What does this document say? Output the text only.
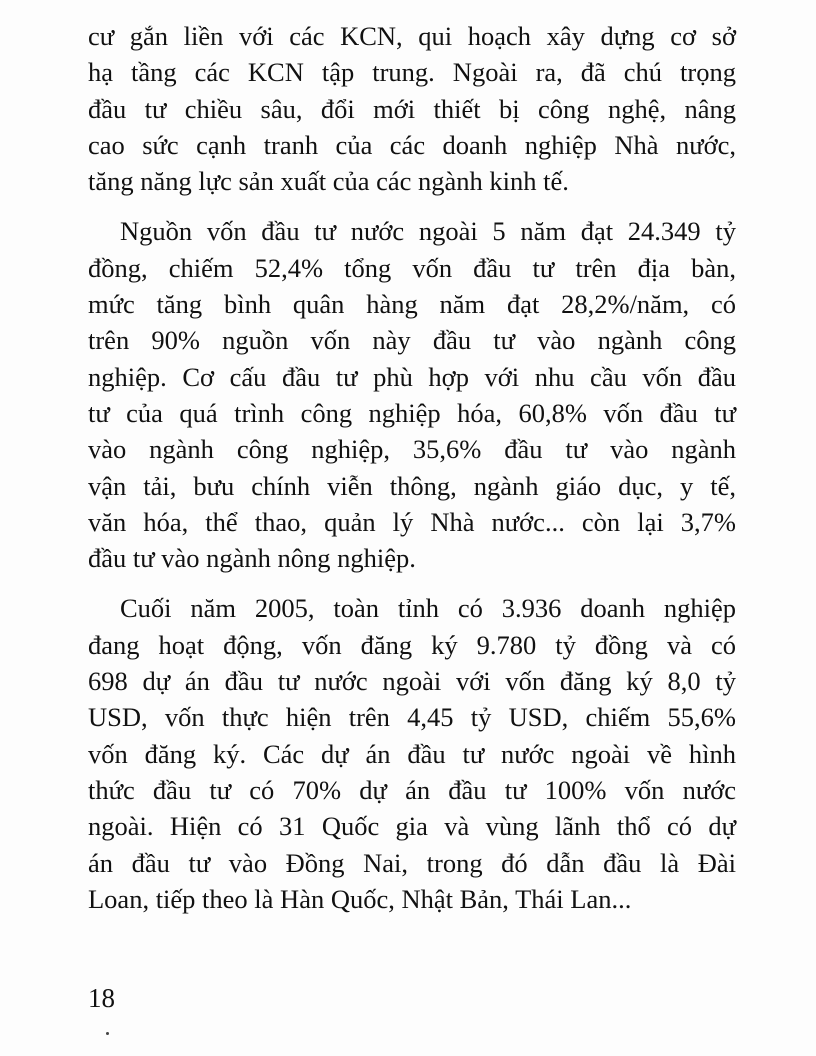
cư gắn liền với các KCN, qui hoạch xây dựng cơ sở
hạ tầng các KCN tập trung. Ngoài ra, đã chú trọng
đầu tư chiều sâu, đổi mới thiết bị công nghệ, nâng
cao sức cạnh tranh của các doanh nghiệp Nhà nước,
tăng năng lực sản xuất của các ngành kinh tế.

Nguồn vốn đầu tư nước ngoài 5 năm đạt 24.349 tỷ
đồng, chiếm 52,4% tổng vốn đầu tư trên địa bàn,
mức tăng bình quân hàng năm đạt 28,2%/năm, có
trên 90% nguồn vốn này đầu tư vào ngành công
nghiệp. Cơ cấu đầu tư phù hợp với nhu cầu vốn đầu
tư của quá trình công nghiệp hóa, 60,8% vốn đầu tư
vào ngành công nghiệp, 35,6% đầu tư vào ngành
vận tải, bưu chính viễn thông, ngành giáo dục, y tế,
văn hóa, thể thao, quản lý Nhà nước... còn lại 3,7%
đầu tư vào ngành nông nghiệp.

Cuối năm 2005, toàn tỉnh có 3.936 doanh nghiệp
đang hoạt động, vốn đăng ký 9.780 tỷ đồng và có
698 dự án đầu tư nước ngoài với vốn đăng ký 8,0 tỷ
USD, vốn thực hiện trên 4,45 tỷ USD, chiếm 55,6%
vốn đăng ký. Các dự án đầu tư nước ngoài về hình
thức đầu tư có 70% dự án đầu tư 100% vốn nước
ngoài. Hiện có 31 Quốc gia và vùng lãnh thổ có dự
án đầu tư vào Đồng Nai, trong đó dẫn đầu là Đài
Loan, tiếp theo là Hàn Quốc, Nhật Bản, Thái Lan...

18
